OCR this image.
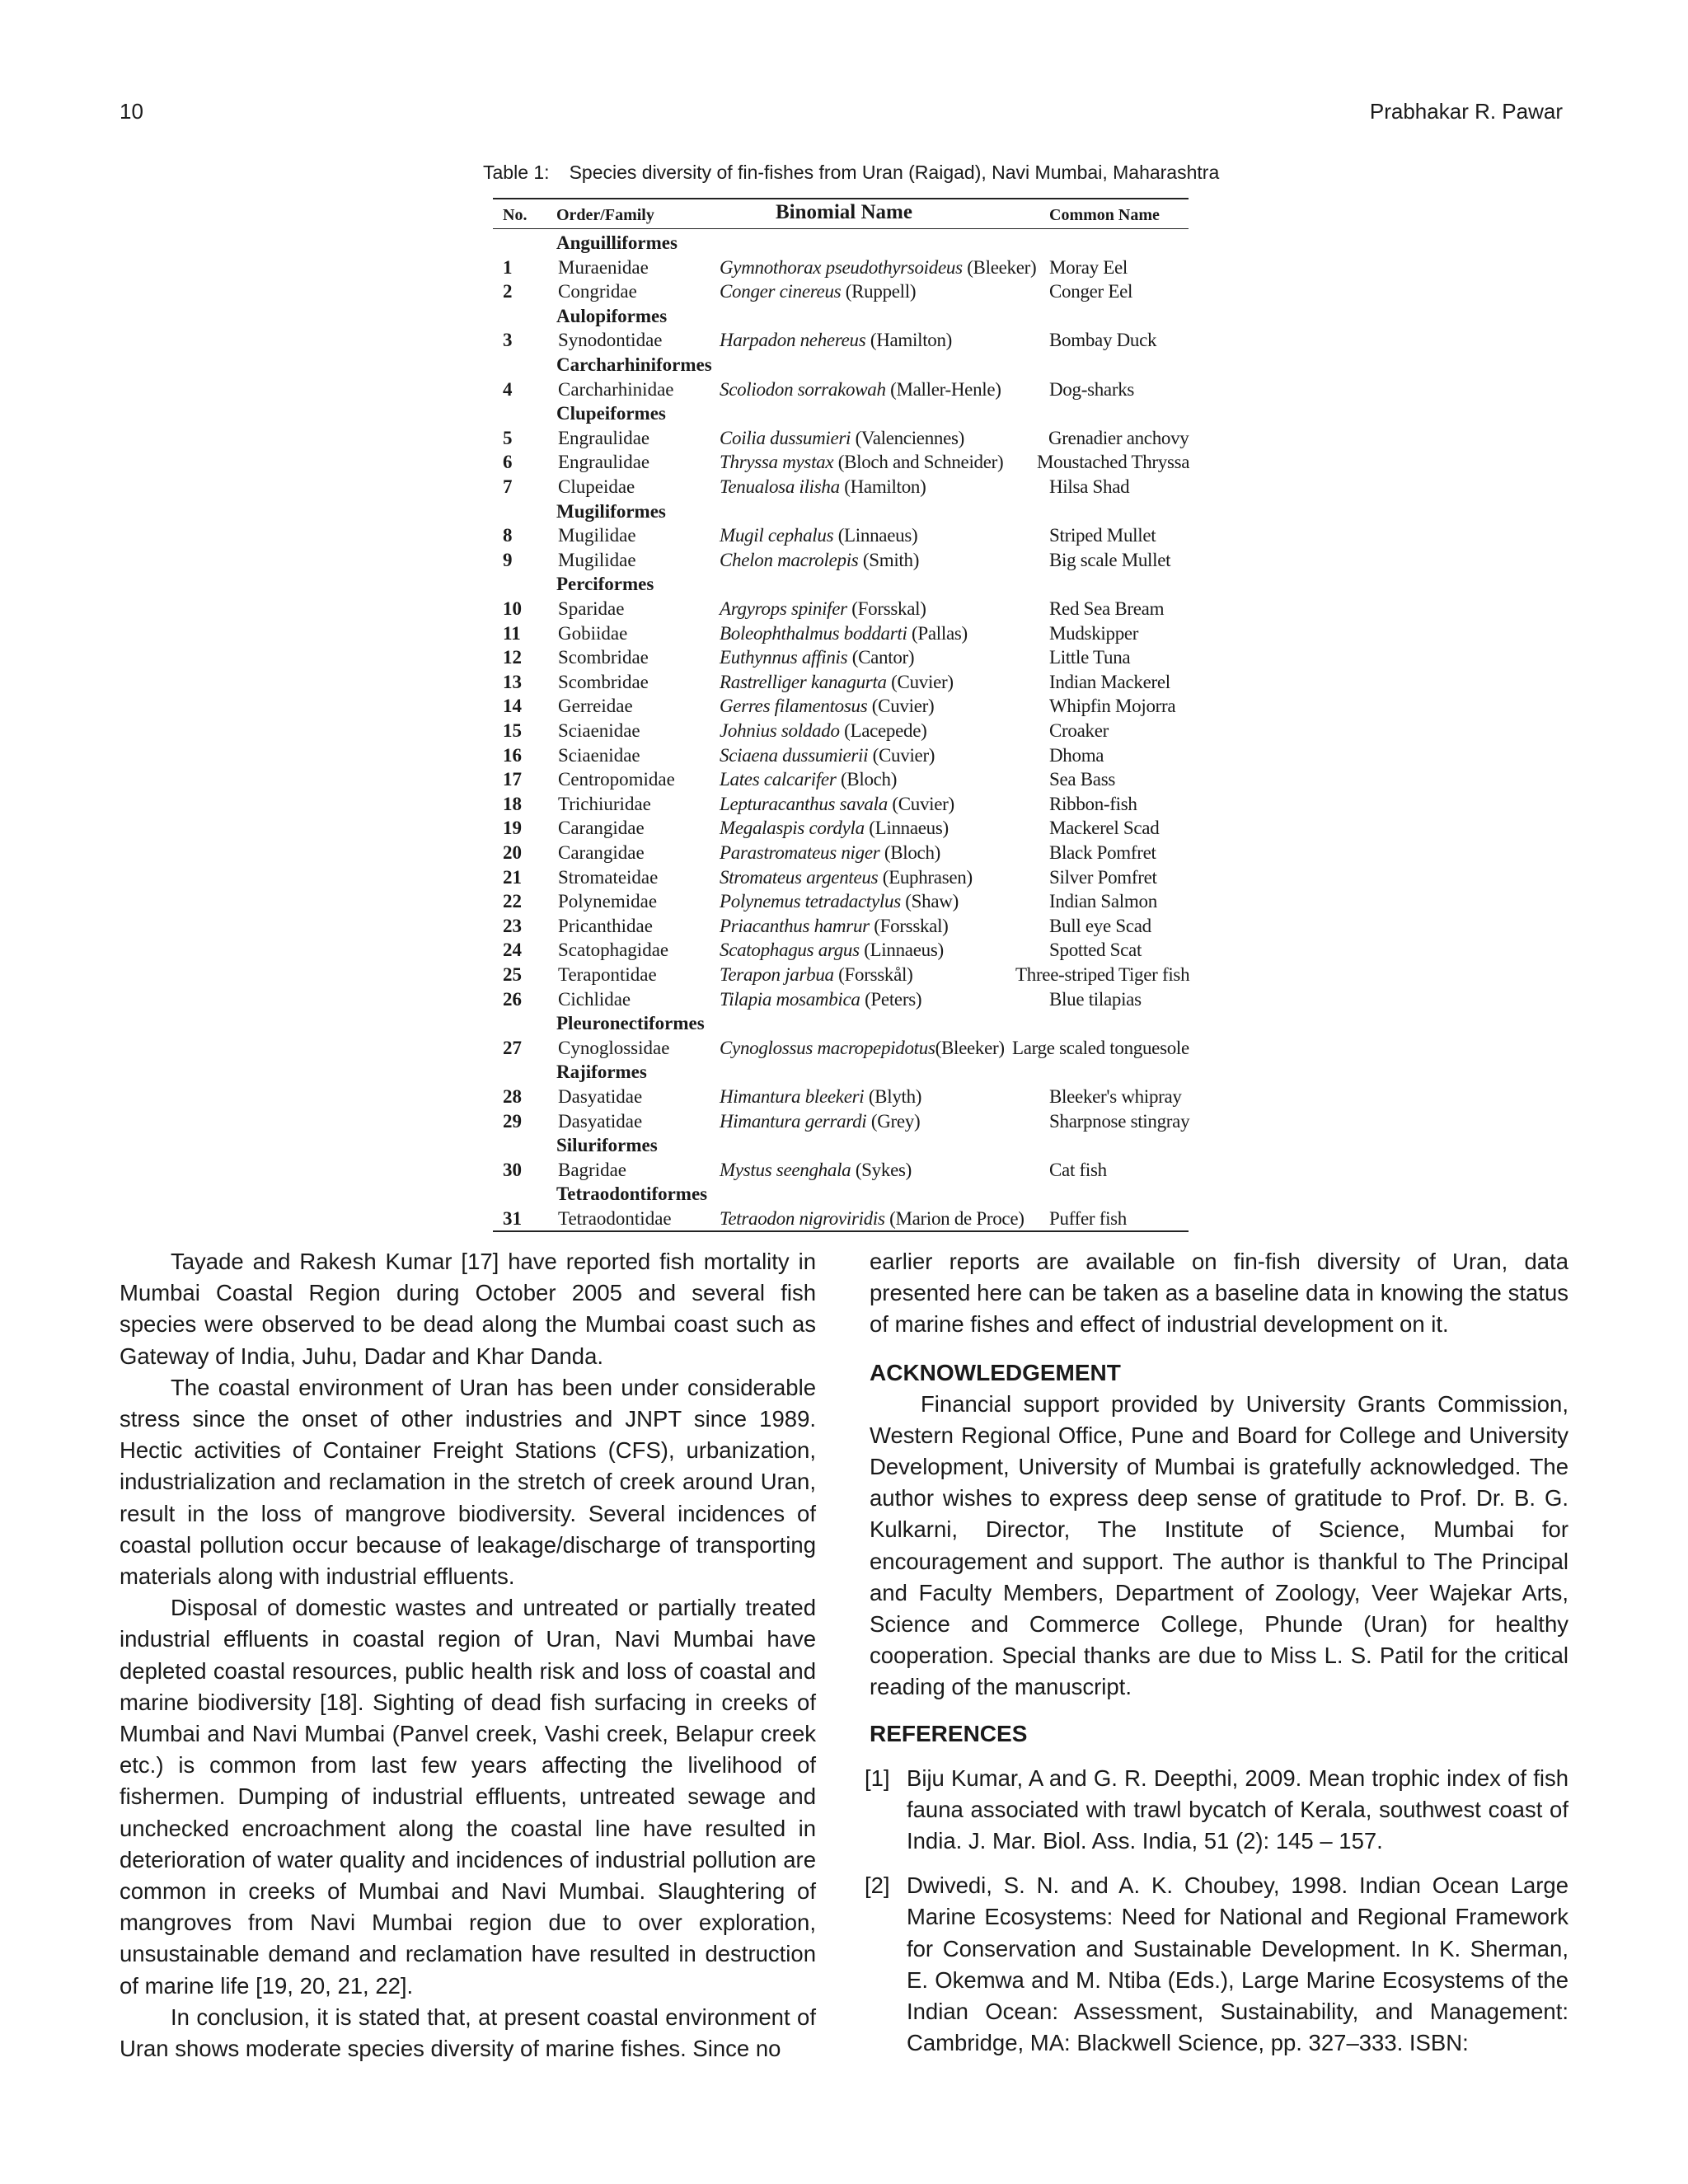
10	Prabhakar R. Pawar
Table 1: Species diversity of fin-fishes from Uran (Raigad), Navi Mumbai, Maharashtra
No. Order/Family	Binomial Name	Common Name
Anguilliformes
1 Muraenidae	Gymnothorax pseudothyrsoideus (Bleeker) Moray Eel
2 Congridae	Conger cinereus (Ruppell)	Conger Eel
Aulopiformes
3 Synodontidae	Harpadon nehereus (Hamilton)	Bombay Duck
Carcharhiniformes
4 Carcharhinidae Scoliodon sorrakowah (Maller-Henle)	Dog-sharks
Clupeiformes
5 Engraulidae	Coilia dussumieri (Valenciennes)	Grenadier anchovy
6 Engraulidae	Thryssa mystax (Bloch and Schneider) Moustached Thryssa
7 Clupeidae	Tenualosa ilisha (Hamilton)	Hilsa Shad
Mugiliformes
8 Mugilidae	Mugil cephalus (Linnaeus)	Striped Mullet
9 Mugilidae	Chelon macrolepis (Smith)	Big scale Mullet
Perciformes
10 Sparidae	Argyrops spinifer (Forsskal)	Red Sea Bream
11 Gobiidae	Boleophthalmus boddarti (Pallas)	Mudskipper
12 Scombridae	Euthynnus affinis (Cantor)	Little Tuna
13 Scombridae	Rastrelliger kanagurta (Cuvier)	Indian Mackerel
14 Gerreidae	Gerres filamentosus (Cuvier)	Whipfin Mojorra
15 Sciaenidae	Johnius soldado (Lacepede)	Croaker
16 Sciaenidae	Sciaena dussumierii (Cuvier)	Dhoma
17 Centropomidae Lates calcarifer (Bloch)	Sea Bass
18 Trichiuridae	Lepturacanthus savala (Cuvier)	Ribbon-fish
19 Carangidae	Megalaspis cordyla (Linnaeus)	Mackerel Scad
20 Carangidae	Parastromateus niger (Bloch)	Black Pomfret
21 Stromateidae	Stromateus argenteus (Euphrasen)	Silver Pomfret
22 Polynemidae	Polynemus tetradactylus (Shaw)	Indian Salmon
23 Pricanthidae	Priacanthus hamrur (Forsskal)	Bull eye Scad
24 Scatophagidae	Scatophagus argus (Linnaeus)	Spotted Scat
25 Terapontidae	Terapon jarbua (Forsskål)	Three-striped Tiger fish
26 Cichlidae	Tilapia mosambica (Peters)	Blue tilapias
Pleuronectiformes
27 Cynoglossidae	Cynoglossus macropepidotus(Bleeker) Large scaled tonguesole
Rajiformes
28 Dasyatidae	Himantura bleekeri (Blyth)	Bleeker's whipray
29 Dasyatidae	Himantura gerrardi (Grey)	Sharpnose stingray
Siluriformes
30 Bagridae	Mystus seenghala (Sykes)	Cat fish
Tetraodontiformes
31 Tetraodontidae	Tetraodon nigroviridis (Marion de Proce) Puffer fish

Tayade and Rakesh Kumar [17] have reported fish mortality in Mumbai Coastal Region during October 2005 and several fish species were observed to be dead along the Mumbai coast such as Gateway of India, Juhu, Dadar and Khar Danda.

The coastal environment of Uran has been under considerable stress since the onset of other industries and JNPT since 1989. Hectic activities of Container Freight Stations (CFS), urbanization, industrialization and reclamation in the stretch of creek around Uran, result in the loss of mangrove biodiversity. Several incidences of coastal pollution occur because of leakage/discharge of transporting materials along with industrial effluents.

Disposal of domestic wastes and untreated or partially treated industrial effluents in coastal region of Uran, Navi Mumbai have depleted coastal resources, public health risk and loss of coastal and marine biodiversity [18]. Sighting of dead fish surfacing in creeks of Mumbai and Navi Mumbai (Panvel creek, Vashi creek, Belapur creek etc.) is common from last few years affecting the livelihood of fishermen. Dumping of industrial effluents, untreated sewage and unchecked encroachment along the coastal line have resulted in deterioration of water quality and incidences of industrial pollution are common in creeks of Mumbai and Navi Mumbai. Slaughtering of mangroves from Navi Mumbai region due to over exploration, unsustainable demand and reclamation have resulted in destruction of marine life [19, 20, 21, 22].

In conclusion, it is stated that, at present coastal environment of Uran shows moderate species diversity of marine fishes. Since no

earlier reports are available on fin-fish diversity of Uran, data presented here can be taken as a baseline data in knowing the status of marine fishes and effect of industrial development on it.

ACKNOWLEDGEMENT

Financial support provided by University Grants Commission, Western Regional Office, Pune and Board for College and University Development, University of Mumbai is gratefully acknowledged. The author wishes to express deep sense of gratitude to Prof. Dr. B. G. Kulkarni, Director, The Institute of Science, Mumbai for encouragement and support. The author is thankful to The Principal and Faculty Members, Department of Zoology, Veer Wajekar Arts, Science and Commerce College, Phunde (Uran) for healthy cooperation. Special thanks are due to Miss L. S. Patil for the critical reading of the manuscript.

REFERENCES
[1] Biju Kumar, A and G. R. Deepthi, 2009. Mean trophic index of fish fauna associated with trawl bycatch of Kerala, southwest coast of India. J. Mar. Biol. Ass. India, 51 (2): 145 – 157.

[2] Dwivedi, S. N. and A. K. Choubey, 1998. Indian Ocean Large Marine Ecosystems: Need for National and Regional Framework for Conservation and Sustainable Development. In K. Sherman, E. Okemwa and M. Ntiba (Eds.), Large Marine Ecosystems of the Indian Ocean: Assessment, Sustainability, and Management: Cambridge, MA: Blackwell Science, pp. 327–333. ISBN:
